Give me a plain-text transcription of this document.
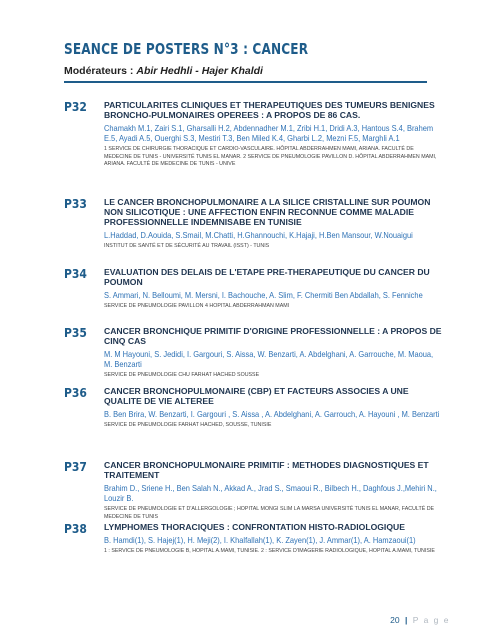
SEANCE DE POSTERS N°3 : CANCER
Modérateurs : Abir Hedhli - Hajer Khaldi
P32	PARTICULARITES CLINIQUES ET THERAPEUTIQUES DES TUMEURS BENIGNES BRONCHO-PULMONAIRES OPEREES : A PROPOS DE 86 CAS.
Chamakh M.1, Zairi S.1, Gharsalli H.2, Abdennadher M.1, Zribi H.1, Dridi A.3, Hantous S.4, Brahem E.5, Ayadi A.5, Ouerghi S.3, Mestiri T.3, Ben Miled K.4, Gharbi L.2, Mezni F.5, Marghli A.1
1 SERVICE DE CHIRURGIE THORACIQUE ET CARDIO-VASCULAIRE. HÔPITAL ABDERRAHMEN MAMI, ARIANA. FACULTÉ DE MEDECINE DE TUNIS - UNIVERSITÉ TUNIS EL MANAR. 2 SERVICE DE PNEUMOLOGIE PAVILLON D. HÔPITAL ABDERRAHMEN MAMI, ARIANA. FACULTÉ DE MEDECINE DE TUNIS - UNIVE
P33	LE CANCER BRONCHOPULMONAIRE A LA SILICE CRISTALLINE SUR POUMON NON SILICOTIQUE : UNE AFFECTION ENFIN RECONNUE COMME MALADIE PROFESSIONNELLE INDEMNISABE EN TUNISIE
L.Haddad, D.Aouida, S.Smail, M.Chatti, H.Ghannouchi, K.Hajaji, H.Ben Mansour, W.Nouaigui
INSTITUT DE SANTÉ ET DE SÉCURITÉ AU TRAVAIL (ISST) - TUNIS
P34	EVALUATION DES DELAIS DE L'ETAPE PRE-THERAPEUTIQUE DU CANCER DU POUMON
S. Ammari, N. Belloumi, M. Mersni, I. Bachouche, A. Slim, F. Chermiti Ben Abdallah, S. Fenniche
SERVICE DE PNEUMOLOGIE PAVILLON 4 HOPITAL ABDERRAHMAN MAMI
P35	CANCER BRONCHIQUE PRIMITIF D'ORIGINE PROFESSIONNELLE : A PROPOS DE CINQ CAS
M. M Hayouni, S. Jedidi, I. Gargouri, S. Aissa, W. Benzarti, A. Abdelghani, A. Garrouche, M. Maoua, M. Benzarti
SERVICE DE PNEUMOLOGIE CHU FARHAT HACHED SOUSSE
P36	CANCER BRONCHOPULMONAIRE (CBP) ET FACTEURS ASSOCIES A UNE QUALITE DE VIE ALTEREE
B. Ben Brira, W. Benzarti, I. Gargouri , S. Aissa , A. Abdelghani, A. Garrouch, A. Hayouni , M. Benzarti
SERVICE DE PNEUMOLOGIE FARHAT HACHED, SOUSSE, TUNISIE
P37	CANCER BRONCHOPULMONAIRE PRIMITIF : METHODES DIAGNOSTIQUES ET TRAITEMENT
Brahim D., Sriene H., Ben Salah N., Akkad A., Jrad S., Smaoui R., Bilbech H., Daghfous J.,Mehiri N., Louzir B.
SERVICE DE PNEUMOLOGIE ET D'ALLERGOLOGIE ; HOPITAL MONGI SLIM LA MARSA UNIVERSITÉ TUNIS EL MANAR, FACULTÉ DE MEDECINE DE TUNIS
P38	LYMPHOMES THORACIQUES : CONFRONTATION HISTO-RADIOLOGIQUE
B. Hamdi(1), S. Hajej(1), H. Meji(2), I. Khalfallah(1), K. Zayen(1), J. Ammar(1), A. Hamzaoui(1)
1 : SERVICE DE PNEUMOLOGIE B, HOPITAL A.MAMI, TUNISIE. 2 : SERVICE D'IMAGERIE RADIOLOGIQUE, HOPITAL A.MAMI, TUNISIE
20 | P a g e
